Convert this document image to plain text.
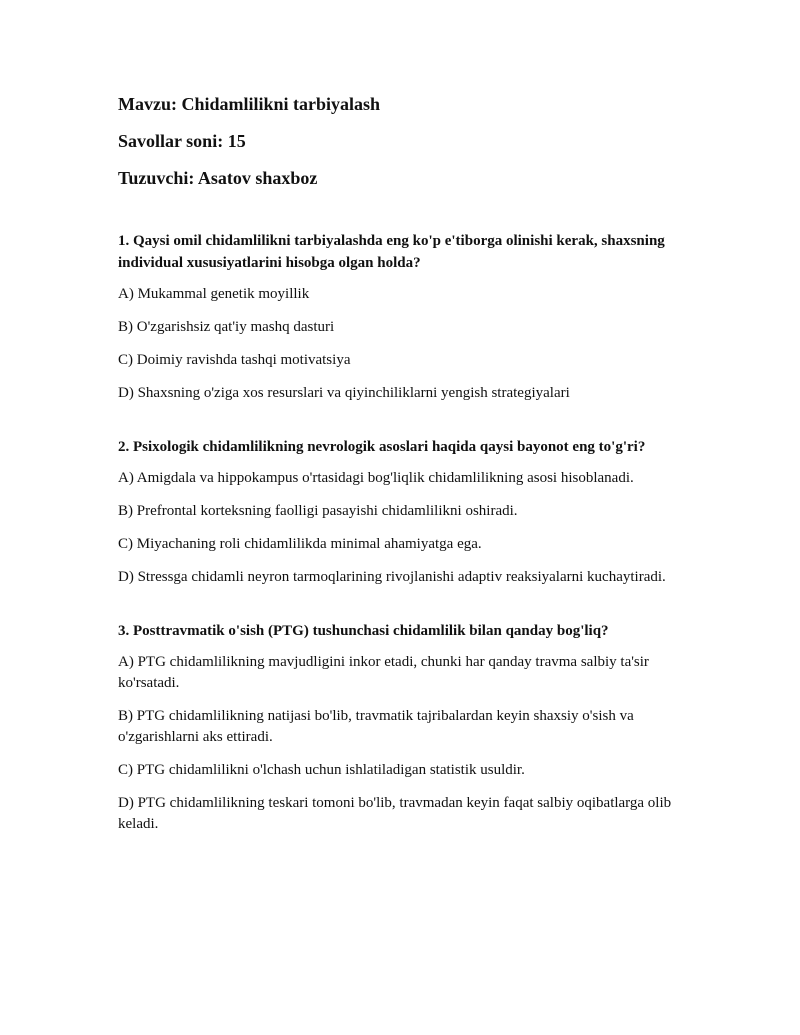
Mavzu: Chidamlilikni tarbiyalash
Savollar soni: 15
Tuzuvchi: Asatov shaxboz
1. Qaysi omil chidamlilikni tarbiyalashda eng ko'p e'tiborga olinishi kerak, shaxsning individual xususiyatlarini hisobga olgan holda?
A) Mukammal genetik moyillik
B) O'zgarishsiz qat'iy mashq dasturi
C) Doimiy ravishda tashqi motivatsiya
D) Shaxsning o'ziga xos resurslari va qiyinchiliklarni yengish strategiyalari
2. Psixologik chidamlilikning nevrologik asoslari haqida qaysi bayonot eng to'g'ri?
A) Amigdala va hippokampus o'rtasidagi bog'liqlik chidamlilikning asosi hisoblanadi.
B) Prefrontal korteksning faolligi pasayishi chidamlilikni oshiradi.
C) Miyachaning roli chidamlilikda minimal ahamiyatga ega.
D) Stressga chidamli neyron tarmoqlarining rivojlanishi adaptiv reaksiyalarni kuchaytiradi.
3. Posttravmatik o'sish (PTG) tushunchasi chidamlilik bilan qanday bog'liq?
A) PTG chidamlilikning mavjudligini inkor etadi, chunki har qanday travma salbiy ta'sir ko'rsatadi.
B) PTG chidamlilikning natijasi bo'lib, travmatik tajribalardan keyin shaxsiy o'sish va o'zgarishlarni aks ettiradi.
C) PTG chidamlilikni o'lchash uchun ishlatiladigan statistik usuldir.
D) PTG chidamlilikning teskari tomoni bo'lib, travmadan keyin faqat salbiy oqibatlarga olib keladi.
